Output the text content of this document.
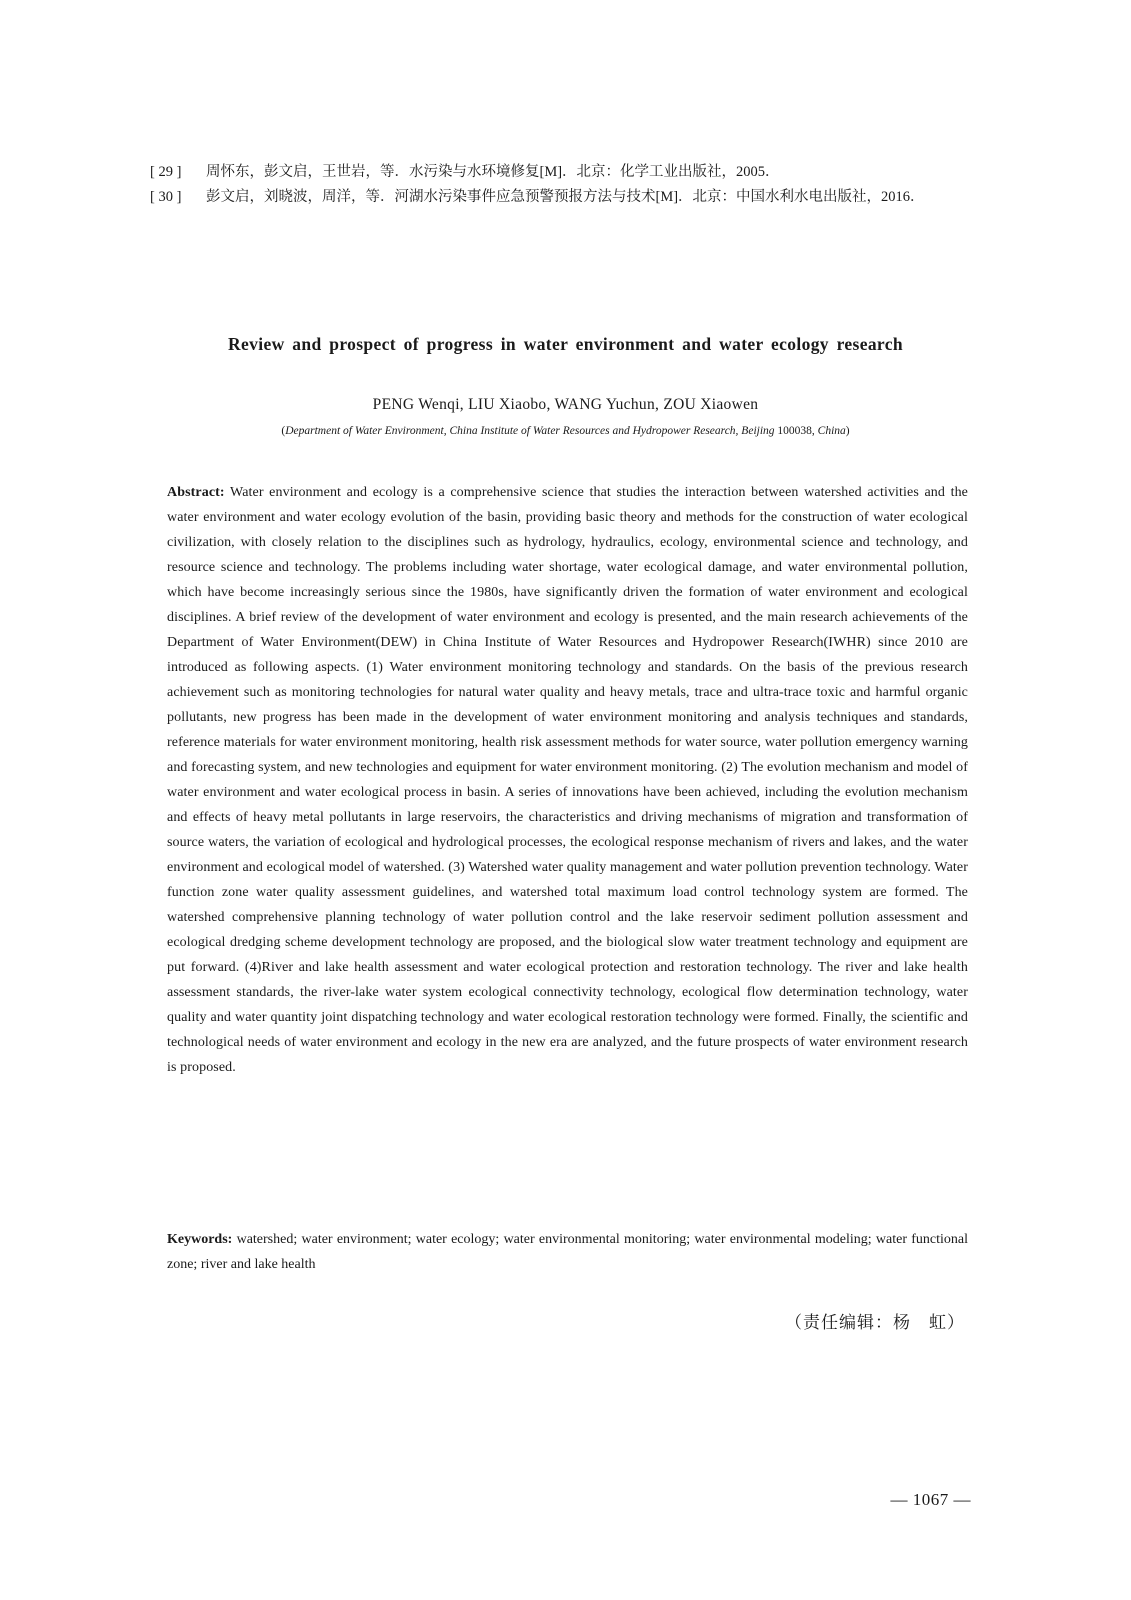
[ 29 ]	周怀东，彭文启，王世岩，等．水污染与水环境修复[M]．北京：化学工业出版社，2005．
[ 30 ]	彭文启，刘晓波，周洋，等．河湖水污染事件应急预警预报方法与技术[M]．北京：中国水利水电出版社，2016．
Review and prospect of progress in water environment and water ecology research
PENG Wenqi, LIU Xiaobo, WANG Yuchun, ZOU Xiaowen
(Department of Water Environment, China Institute of Water Resources and Hydropower Research, Beijing 100038, China)
Abstract: Water environment and ecology is a comprehensive science that studies the interaction between watershed activities and the water environment and water ecology evolution of the basin, providing basic theory and methods for the construction of water ecological civilization, with closely relation to the disciplines such as hydrology, hydraulics, ecology, environmental science and technology, and resource science and technology. The problems including water shortage, water ecological damage, and water environmental pollution, which have become increasingly serious since the 1980s, have significantly driven the formation of water environment and ecological disciplines. A brief review of the development of water environment and ecology is presented, and the main research achievements of the Department of Water Environment(DEW) in China Institute of Water Resources and Hydropower Research(IWHR) since 2010 are introduced as following aspects. (1) Water environment monitoring technology and standards. On the basis of the previous research achievement such as monitoring technologies for natural water quality and heavy metals, trace and ultra-trace toxic and harmful organic pollutants, new progress has been made in the development of water environment monitoring and analysis techniques and standards, reference materials for water environment monitoring, health risk assessment methods for water source, water pollution emergency warning and forecasting system, and new technologies and equipment for water environment monitoring. (2) The evolution mechanism and model of water environment and water ecological process in basin. A series of innovations have been achieved, including the evolution mechanism and effects of heavy metal pollutants in large reservoirs, the characteristics and driving mechanisms of migration and transformation of source waters, the variation of ecological and hydrological processes, the ecological response mechanism of rivers and lakes, and the water environment and ecological model of watershed. (3) Watershed water quality management and water pollution prevention technology. Water function zone water quality assessment guidelines, and watershed total maximum load control technology system are formed. The watershed comprehensive planning technology of water pollution control and the lake reservoir sediment pollution assessment and ecological dredging scheme development technology are proposed, and the biological slow water treatment technology and equipment are put forward. (4)River and lake health assessment and water ecological protection and restoration technology. The river and lake health assessment standards, the river-lake water system ecological connectivity technology, ecological flow determination technology, water quality and water quantity joint dispatching technology and water ecological restoration technology were formed. Finally, the scientific and technological needs of water environment and ecology in the new era are analyzed, and the future prospects of water environment research is proposed.
Keywords: watershed; water environment; water ecology; water environmental monitoring; water environmental modeling; water functional zone; river and lake health
（责任编辑：杨　虹）
— 1067 —
